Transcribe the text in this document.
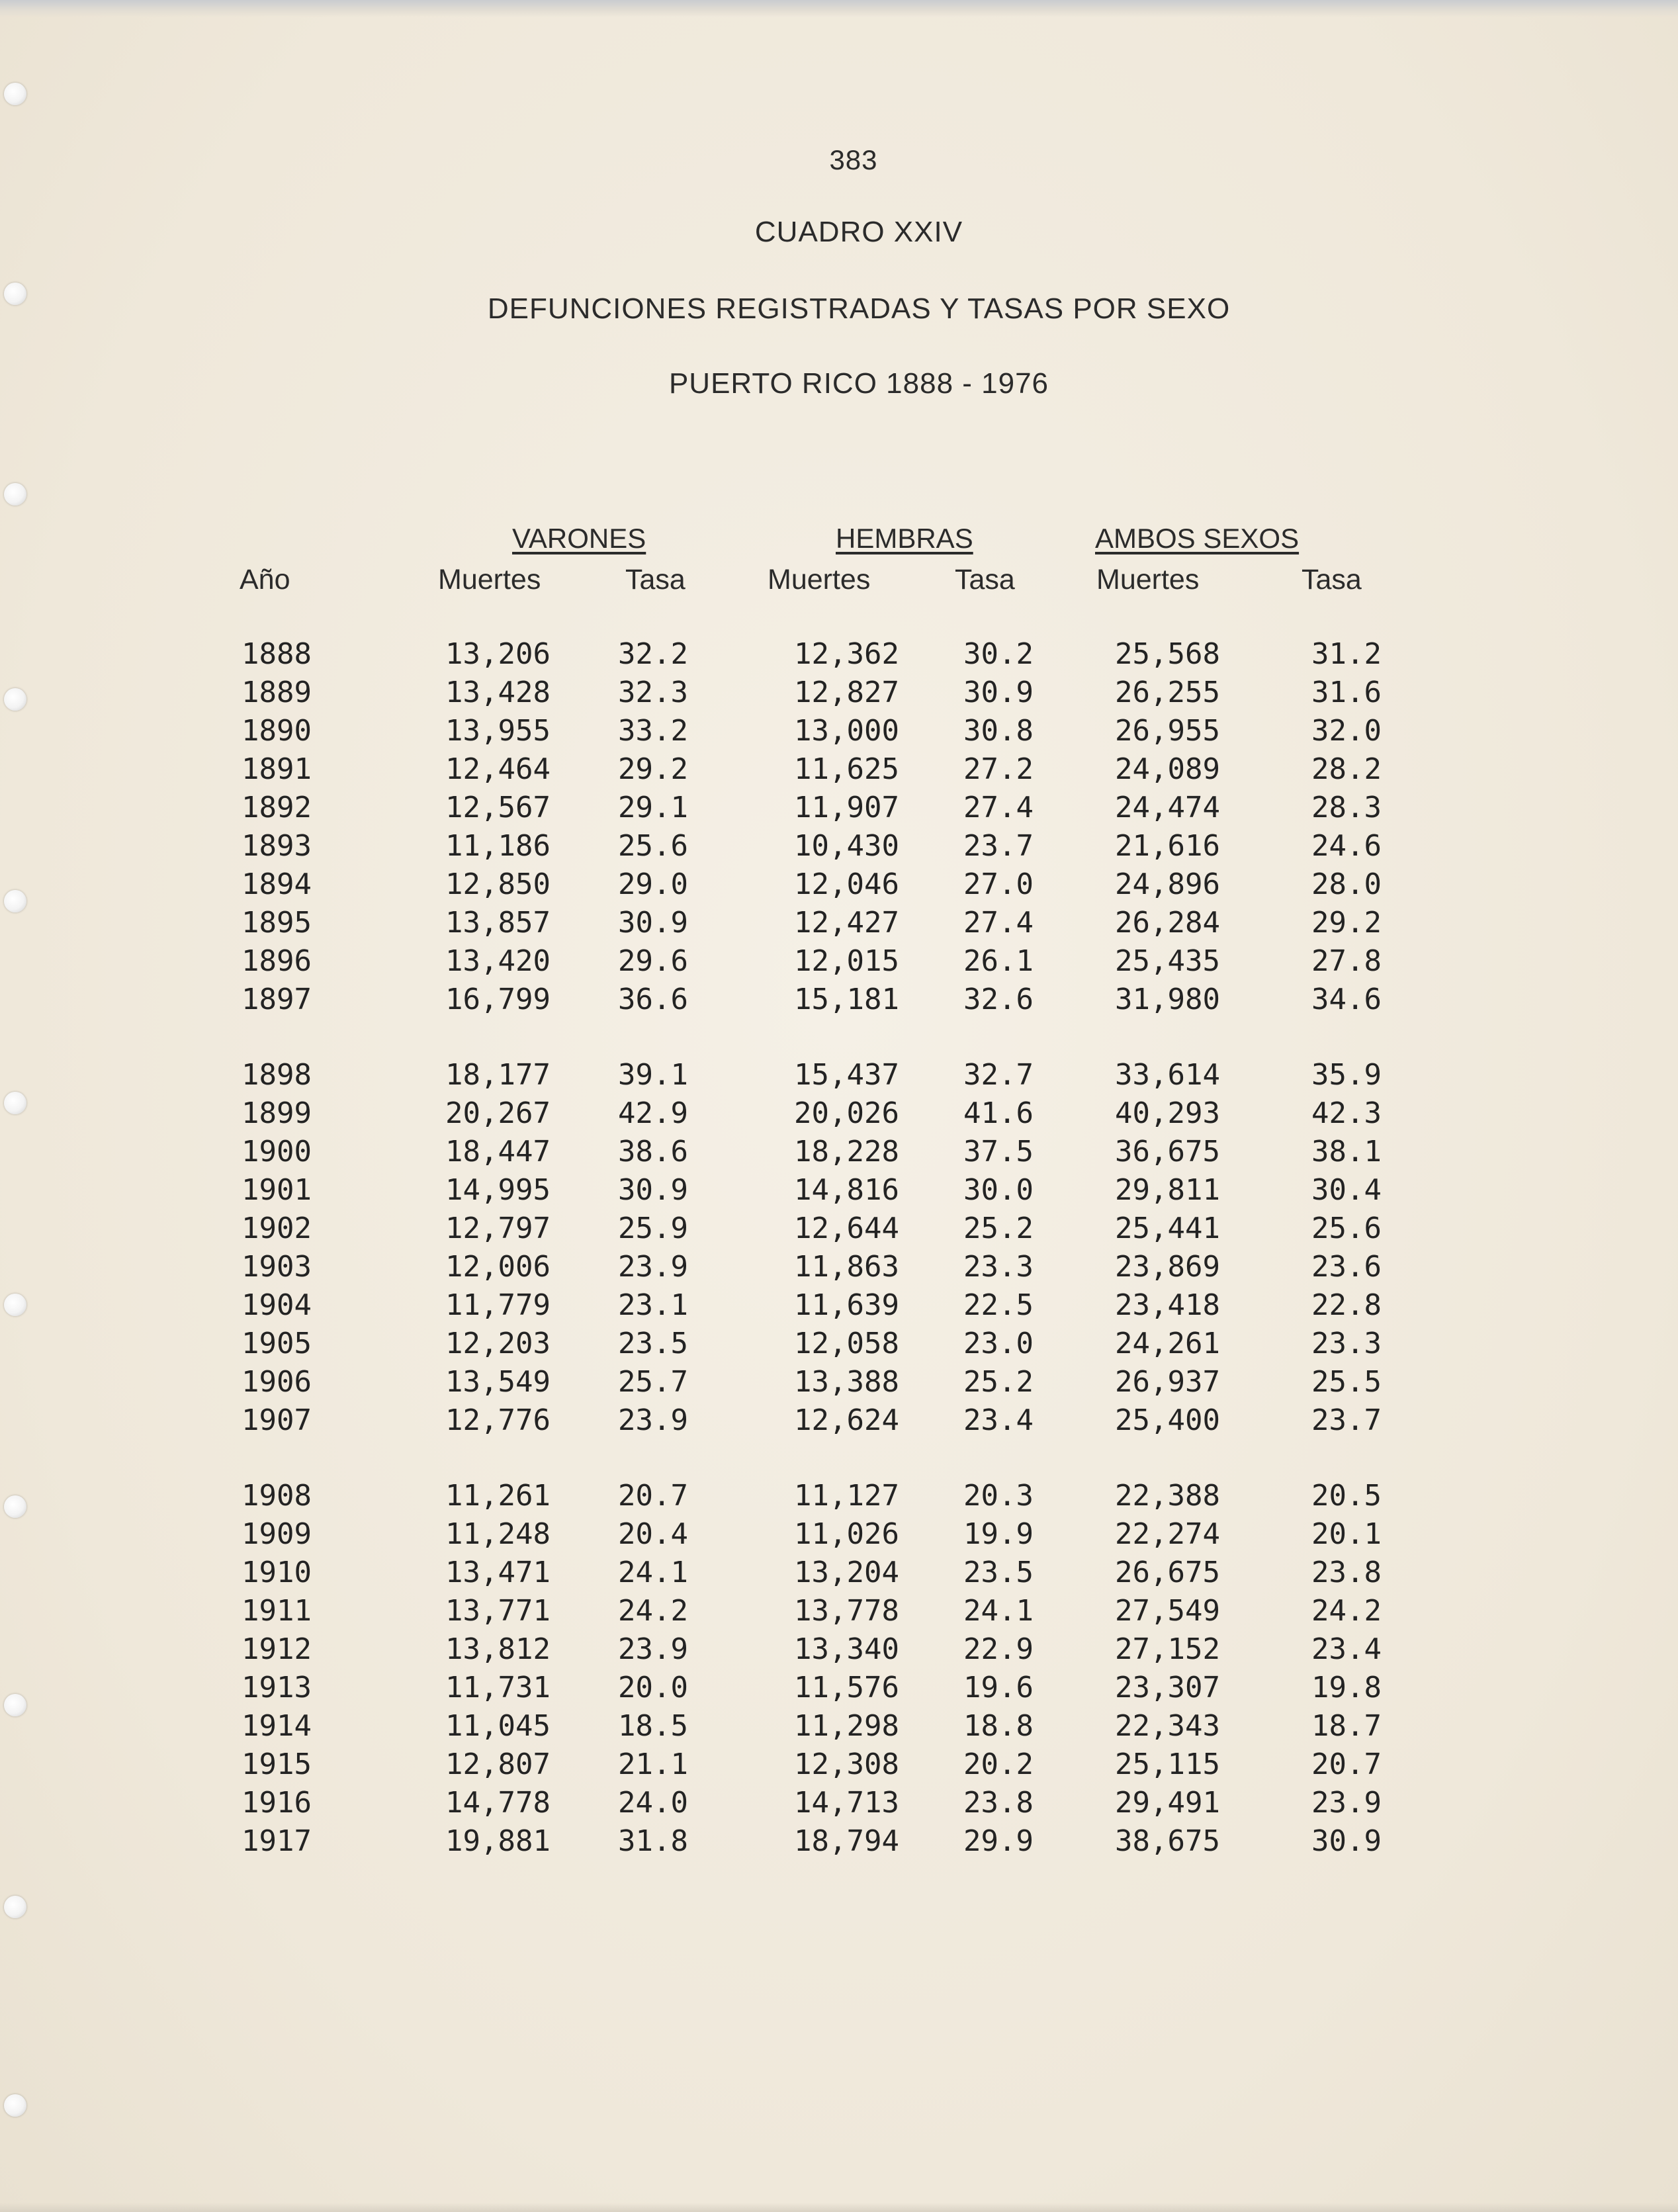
383
CUADRO XXIV
DEFUNCIONES REGISTRADAS Y TASAS POR SEXO
PUERTO RICO 1888 - 1976
VARONES	HEMBRAS	AMBOS SEXOS
Año	Muertes	Tasa	Muertes	Tasa	Muertes	Tasa
1888	13,206 32.2	12,362 30.2	25,568	31.2
1889	13,428 32.3	12,827 30.9	26,255	31.6
1890	13,955 33.2	13,000 30.8	26,955	32.0
1891	12,464 29.2	11,625 27.2	24,089	28.2
1892	12,567 29.1	11,907 27.4	24,474	28.3
1893	11,186 25.6	10,430 23.7	21,616	24.6
1894	12,850 29.0	12,046 27.0	24,896	28.0
1895	13,857 30.9	12,427 27.4	26,284	29.2
1896	13,420 29.6	12,015 26.1	25,435	27.8
1897	16,799 36.6	15,181 32.6	31,980	34.6
1898	18,177 39.1	15,437 32.7	33,614	35.9
1899	20,267 42.9	20,026 41.6	40,293	42.3
1900	18,447 38.6	18,228 37.5	36,675	38.1
1901	14,995 30.9	14,816 30.0	29,811	30.4
1902	12,797 25.9	12,644 25.2	25,441	25.6
1903	12,006 23.9	11,863 23.3	23,869	23.6
1904	11,779 23.1	11,639 22.5	23,418	22.8
1905	12,203 23.5	12,058 23.0	24,261	23.3
1906	13,549 25.7	13,388 25.2	26,937	25.5
1907	12,776 23.9	12,624 23.4	25,400	23.7
1908	11,261 20.7	11,127 20.3	22,388	20.5
1909	11,248 20.4	11,026 19.9	22,274	20.1
1910	13,471 24.1	13,204 23.5	26,675	23.8
1911	13,771 24.2	13,778 24.1	27,549	24.2
1912	13,812 23.9	13,340 22.9	27,152	23.4
1913	11,731 20.0	11,576 19.6	23,307	19.8
1914	11,045 18.5	11,298 18.8	22,343	18.7
1915	12,807 21.1	12,308 20.2	25,115	20.7
1916	14,778 24.0	14,713 23.8	29,491	23.9
1917	19,881 31.8	18,794 29.9	38,675	30.9
